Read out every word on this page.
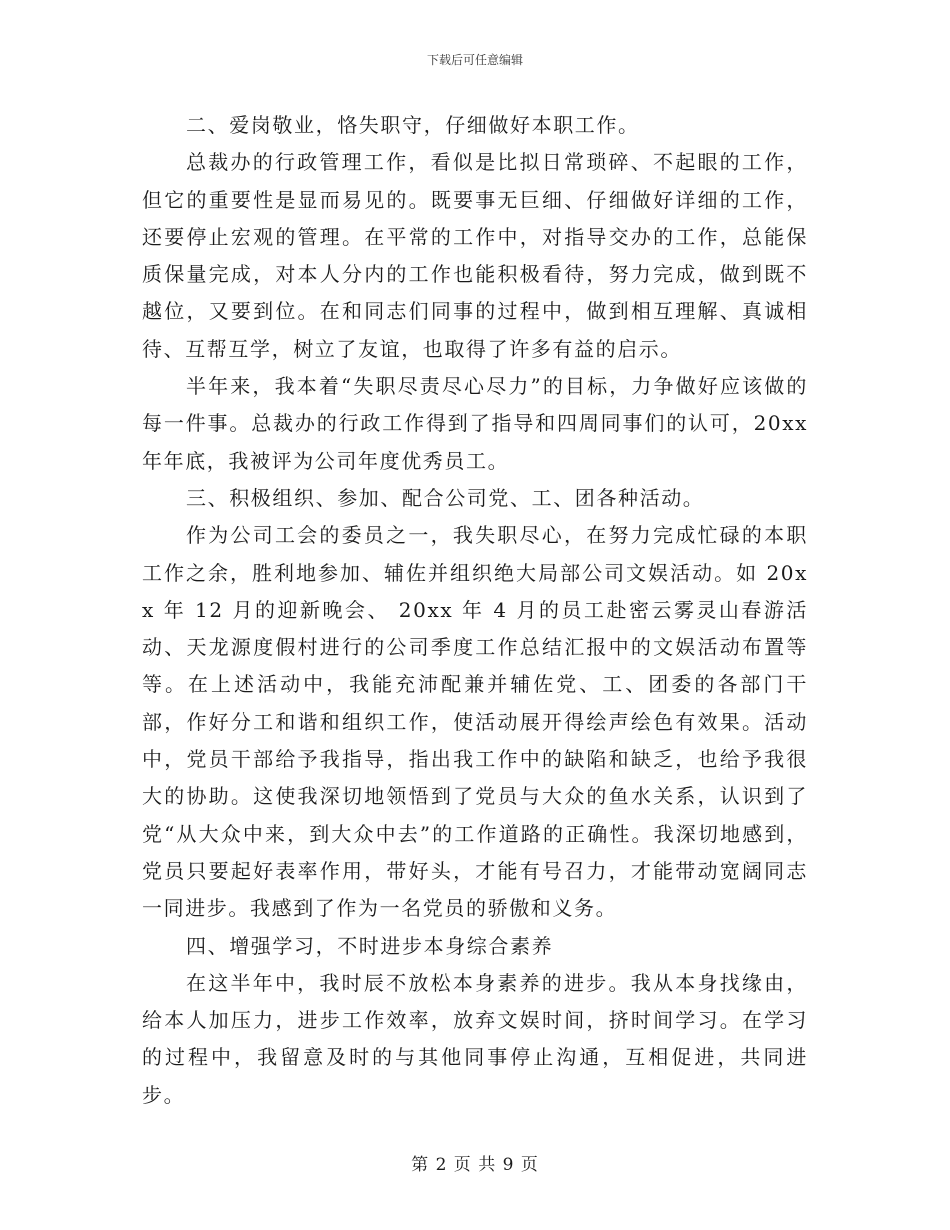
下载后可任意编辑

二、爱岗敬业，恪失职守，仔细做好本职工作。

总裁办的行政管理工作，看似是比拟日常琐碎、不起眼的工作，但它的重要性是显而易见的。既要事无巨细、仔细做好详细的工作，还要停止宏观的管理。在平常的工作中，对指导交办的工作，总能保质保量完成，对本人分内的工作也能积极看待，努力完成，做到既不越位，又要到位。在和同志们同事的过程中，做到相互理解、真诚相待、互帮互学，树立了友谊，也取得了许多有益的启示。

半年来，我本着“失职尽责尽心尽力”的目标，力争做好应该做的每一件事。总裁办的行政工作得到了指导和四周同事们的认可，20xx 年年底，我被评为公司年度优秀员工。

三、积极组织、参加、配合公司党、工、团各种活动。

作为公司工会的委员之一，我失职尽心，在努力完成忙碌的本职工作之余，胜利地参加、辅佐并组织绝大局部公司文娱活动。如 20xx 年 12 月的迎新晚会、 20xx 年 4 月的员工赴密云雾灵山春游活动、天龙源度假村进行的公司季度工作总结汇报中的文娱活动布置等等。在上述活动中，我能充沛配兼并辅佐党、工、团委的各部门干部，作好分工和谐和组织工作，使活动展开得绘声绘色有效果。活动中，党员干部给予我指导，指出我工作中的缺陷和缺乏，也给予我很大的协助。这使我深切地领悟到了党员与大众的鱼水关系，认识到了党“从大众中来，到大众中去”的工作道路的正确性。我深切地感到，党员只要起好表率作用，带好头，才能有号召力，才能带动宽阔同志一同进步。我感到了作为一名党员的骄傲和义务。

四、增强学习，不时进步本身综合素养

在这半年中，我时辰不放松本身素养的进步。我从本身找缘由，给本人加压力，进步工作效率，放弃文娱时间，挤时间学习。在学习的过程中，我留意及时的与其他同事停止沟通，互相促进，共同进步。

第 2 页 共 9 页
